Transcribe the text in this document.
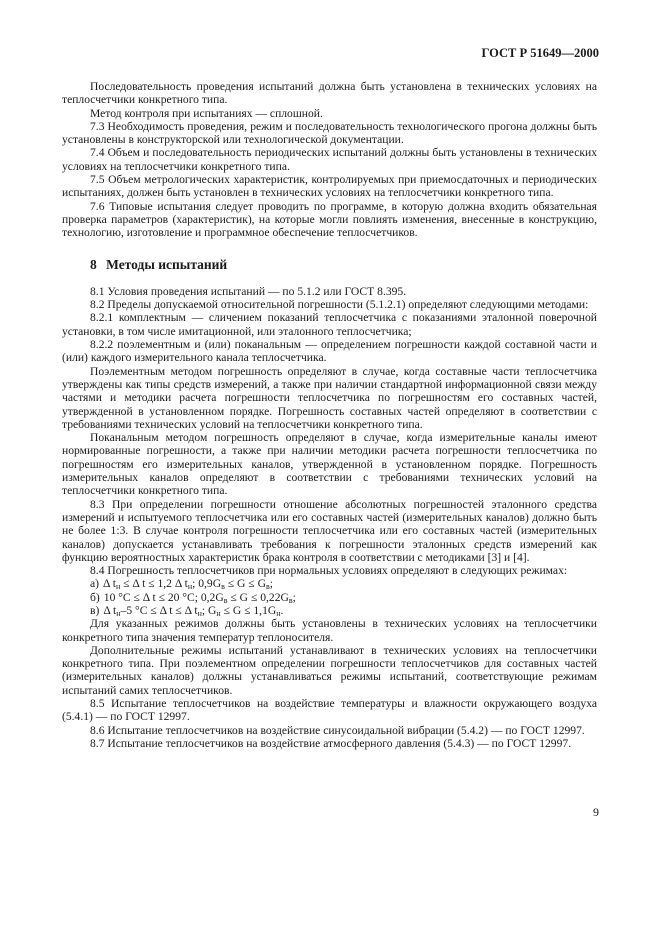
ГОСТ Р 51649—2000

Последовательность проведения испытаний должна быть установлена в технических условиях на теплосчетчики конкретного типа.

Метод контроля при испытаниях — сплошной.

7.3 Необходимость проведения, режим и последовательность технологического прогона должны быть установлены в конструкторской или технологической документации.

7.4 Объем и последовательность периодических испытаний должны быть установлены в технических условиях на теплосчетчики конкретного типа.

7.5 Объем метрологических характеристик, контролируемых при приемосдаточных и периодических испытаниях, должен быть установлен в технических условиях на теплосчетчики конкретного типа.

7.6 Типовые испытания следует проводить по программе, в которую должна входить обязательная проверка параметров (характеристик), на которые могли повлиять изменения, внесенные в конструкцию, технологию, изготовление и программное обеспечение теплосчетчиков.

8 Методы испытаний

8.1 Условия проведения испытаний — по 5.1.2 или ГОСТ 8.395.

8.2 Пределы допускаемой относительной погрешности (5.1.2.1) определяют следующими методами:

8.2.1 комплектным — сличением показаний теплосчетчика с показаниями эталонной поверочной установки, в том числе имитационной, или эталонного теплосчетчика;

8.2.2 поэлементным и (или) поканальным — определением погрешности каждой составной части и (или) каждого измерительного канала теплосчетчика.

Поэлементным методом погрешность определяют в случае, когда составные части теплосчетчика утверждены как типы средств измерений, а также при наличии стандартной информационной связи между частями и методики расчета погрешности теплосчетчика по погрешностям его составных частей, утвержденной в установленном порядке. Погрешность составных частей определяют в соответствии с требованиями технических условий на теплосчетчики конкретного типа.

Поканальным методом погрешность определяют в случае, когда измерительные каналы имеют нормированные погрешности, а также при наличии методики расчета погрешности теплосчетчика по погрешностям его измерительных каналов, утвержденной в установленном порядке. Погрешность измерительных каналов определяют в соответствии с требованиями технических условий на теплосчетчики конкретного типа.

8.3 При определении погрешности отношение абсолютных погрешностей эталонного средства измерений и испытуемого теплосчетчика или его составных частей (измерительных каналов) должно быть не более 1:3. В случае контроля погрешности теплосчетчика или его составных частей (измерительных каналов) допускается устанавливать требования к погрешности эталонных средств измерений как функцию вероятностных характеристик брака контроля в соответствии с методиками [3] и [4].

8.4 Погрешность теплосчетчиков при нормальных условиях определяют в следующих режимах:

а) Δ $t_н \le \Delta$ t ≤ 1,2 Δ $t_н$; $0,9G_в \le G \le G_в$;

б) 10 °С ≤ Δ t ≤ 20 °С; $0,2G_в \le G \le 0,22G_в$;

в) Δ $t_н-5$ °С ≤ Δ t ≤ Δ $t_н$; $G_н \le G \le 1,1G_н$.

Для указанных режимов должны быть установлены в технических условиях на теплосчетчики конкретного типа значения температур теплоносителя.

Дополнительные режимы испытаний устанавливают в технических условиях на теплосчетчики конкретного типа. При поэлементном определении погрешности теплосчетчиков для составных частей (измерительных каналов) должны устанавливаться режимы испытаний, соответствующие режимам испытаний самих теплосчетчиков.

8.5 Испытание теплосчетчиков на воздействие температуры и влажности окружающего воздуха (5.4.1) — по ГОСТ 12997.

8.6 Испытание теплосчетчиков на воздействие синусоидальной вибрации (5.4.2) — по ГОСТ 12997.

8.7 Испытание теплосчетчиков на воздействие атмосферного давления (5.4.3) — по ГОСТ 12997.

9
